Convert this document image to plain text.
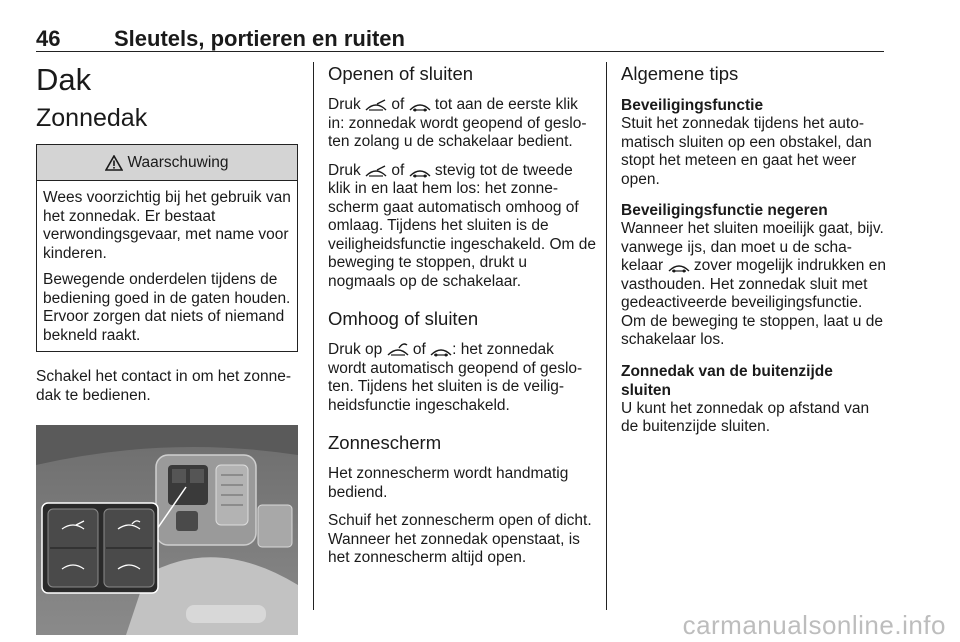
46 Sleutels, portieren en ruiten
Dak
Zonnedak
Waarschuwing

Wees voorzichtig bij het gebruik van het zonnedak. Er bestaat verwondingsgevaar, met name voor kinderen.

Bewegende onderdelen tijdens de bediening goed in de gaten houden. Ervoor zorgen dat niets of niemand bekneld raakt.

Schakel het contact in om het zonnedak te bedienen.

Openen of sluiten

Druk  of  tot aan de eerste klik in: zonnedak wordt geopend of gesloten zolang u de schakelaar bedient.

Druk  of  stevig tot de tweede klik in en laat hem los: het zonnescherm gaat automatisch omhoog of omlaag. Tijdens het sluiten is de veiligheidsfunctie ingeschakeld. Om de beweging te stoppen, drukt u nogmaals op de schakelaar.

Omhoog of sluiten

Druk op  of : het zonnedak wordt automatisch geopend of gesloten. Tijdens het sluiten is de veiligheidsfunctie ingeschakeld.

Zonnescherm

Het zonnescherm wordt handmatig bediend.

Schuif het zonnescherm open of dicht. Wanneer het zonnedak openstaat, is het zonnescherm altijd open.

Algemene tips
Beveiligingsfunctie

Stuit het zonnedak tijdens het automatisch sluiten op een obstakel, dan stopt het meteen en gaat het weer open.

Beveiligingsfunctie negeren

Wanneer het sluiten moeilijk gaat, bijv. vanwege ijs, dan moet u de schakelaar  zover mogelijk indrukken en vasthouden. Het zonnedak sluit met gedeactiveerde beveiligingsfunctie. Om de beweging te stoppen, laat u de schakelaar los.

Zonnedak van de buitenzijde sluiten

U kunt het zonnedak op afstand van de buitenzijde sluiten.

carmanualsonline.info
